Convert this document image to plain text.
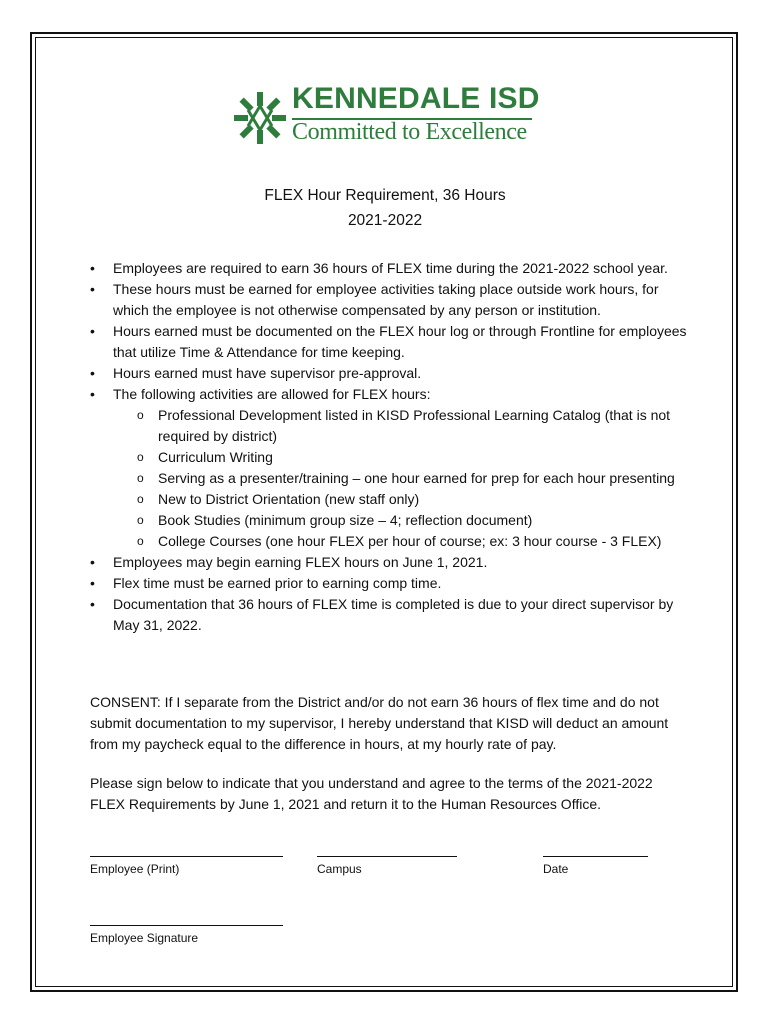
KENNEDALE ISD
Committed to Excellence
FLEX Hour Requirement, 36 Hours
2021-2022
• Employees are required to earn 36 hours of FLEX time during the 2021-2022 school year.
• These hours must be earned for employee activities taking place outside work hours, for which the employee is not otherwise compensated by any person or institution.
• Hours earned must be documented on the FLEX hour log or through Frontline for employees that utilize Time & Attendance for time keeping.
• Hours earned must have supervisor pre-approval.
• The following activities are allowed for FLEX hours:
o Professional Development listed in KISD Professional Learning Catalog (that is not required by district)
o Curriculum Writing
o Serving as a presenter/training – one hour earned for prep for each hour presenting
o New to District Orientation (new staff only)
o Book Studies (minimum group size – 4; reflection document)
o College Courses (one hour FLEX per hour of course; ex: 3 hour course - 3 FLEX)
• Employees may begin earning FLEX hours on June 1, 2021.
• Flex time must be earned prior to earning comp time.
• Documentation that 36 hours of FLEX time is completed is due to your direct supervisor by May 31, 2022.
CONSENT: If I separate from the District and/or do not earn 36 hours of flex time and do not submit documentation to my supervisor, I hereby understand that KISD will deduct an amount from my paycheck equal to the difference in hours, at my hourly rate of pay.
Please sign below to indicate that you understand and agree to the terms of the 2021-2022 FLEX Requirements by June 1, 2021 and return it to the Human Resources Office.
Employee (Print)	Campus	Date
Employee Signature
